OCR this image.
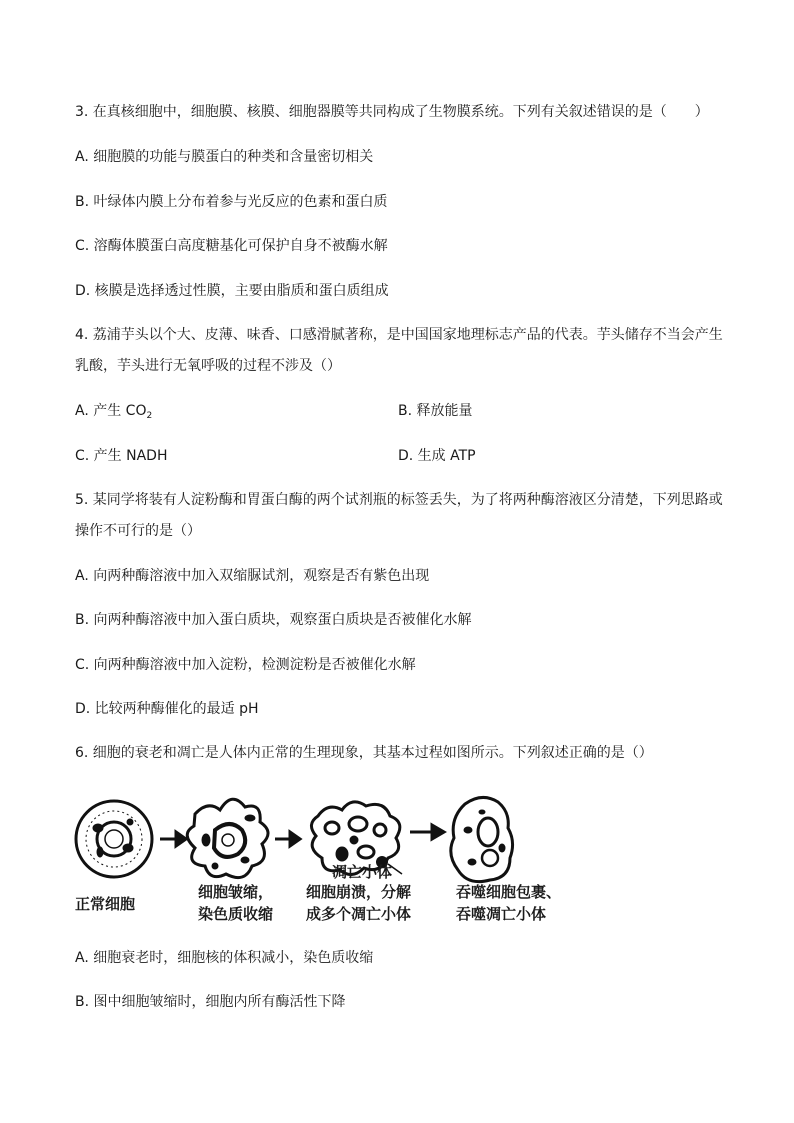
3. 在真核细胞中，细胞膜、核膜、细胞器膜等共同构成了生物膜系统。下列有关叙述错误的是（　　）
A. 细胞膜的功能与膜蛋白的种类和含量密切相关
B. 叶绿体内膜上分布着参与光反应的色素和蛋白质
C. 溶酶体膜蛋白高度糖基化可保护自身不被酶水解
D. 核膜是选择透过性膜，主要由脂质和蛋白质组成
4. 荔浦芋头以个大、皮薄、味香、口感滑腻著称，是中国国家地理标志产品的代表。芋头储存不当会产生
乳酸，芋头进行无氧呼吸的过程不涉及（）
A. 产生 $CO_2$	B. 释放能量
C. 产生 NADH	D. 生成 ATP
5. 某同学将装有人淀粉酶和胃蛋白酶的两个试剂瓶的标签丢失，为了将两种酶溶液区分清楚，下列思路或
操作不可行的是（）
A. 向两种酶溶液中加入双缩脲试剂，观察是否有紫色出现
B. 向两种酶溶液中加入蛋白质块，观察蛋白质块是否被催化水解
C. 向两种酶溶液中加入淀粉，检测淀粉是否被催化水解
D. 比较两种酶催化的最适 pH
6. 细胞的衰老和凋亡是人体内正常的生理现象，其基本过程如图所示。下列叙述正确的是（）
凋亡小体
正常细胞
细胞皱缩，
染色质收缩
细胞崩溃，分解
成多个凋亡小体
吞噬细胞包裹、
吞噬凋亡小体
A. 细胞衰老时，细胞核的体积减小，染色质收缩
B. 图中细胞皱缩时，细胞内所有酶活性下降
